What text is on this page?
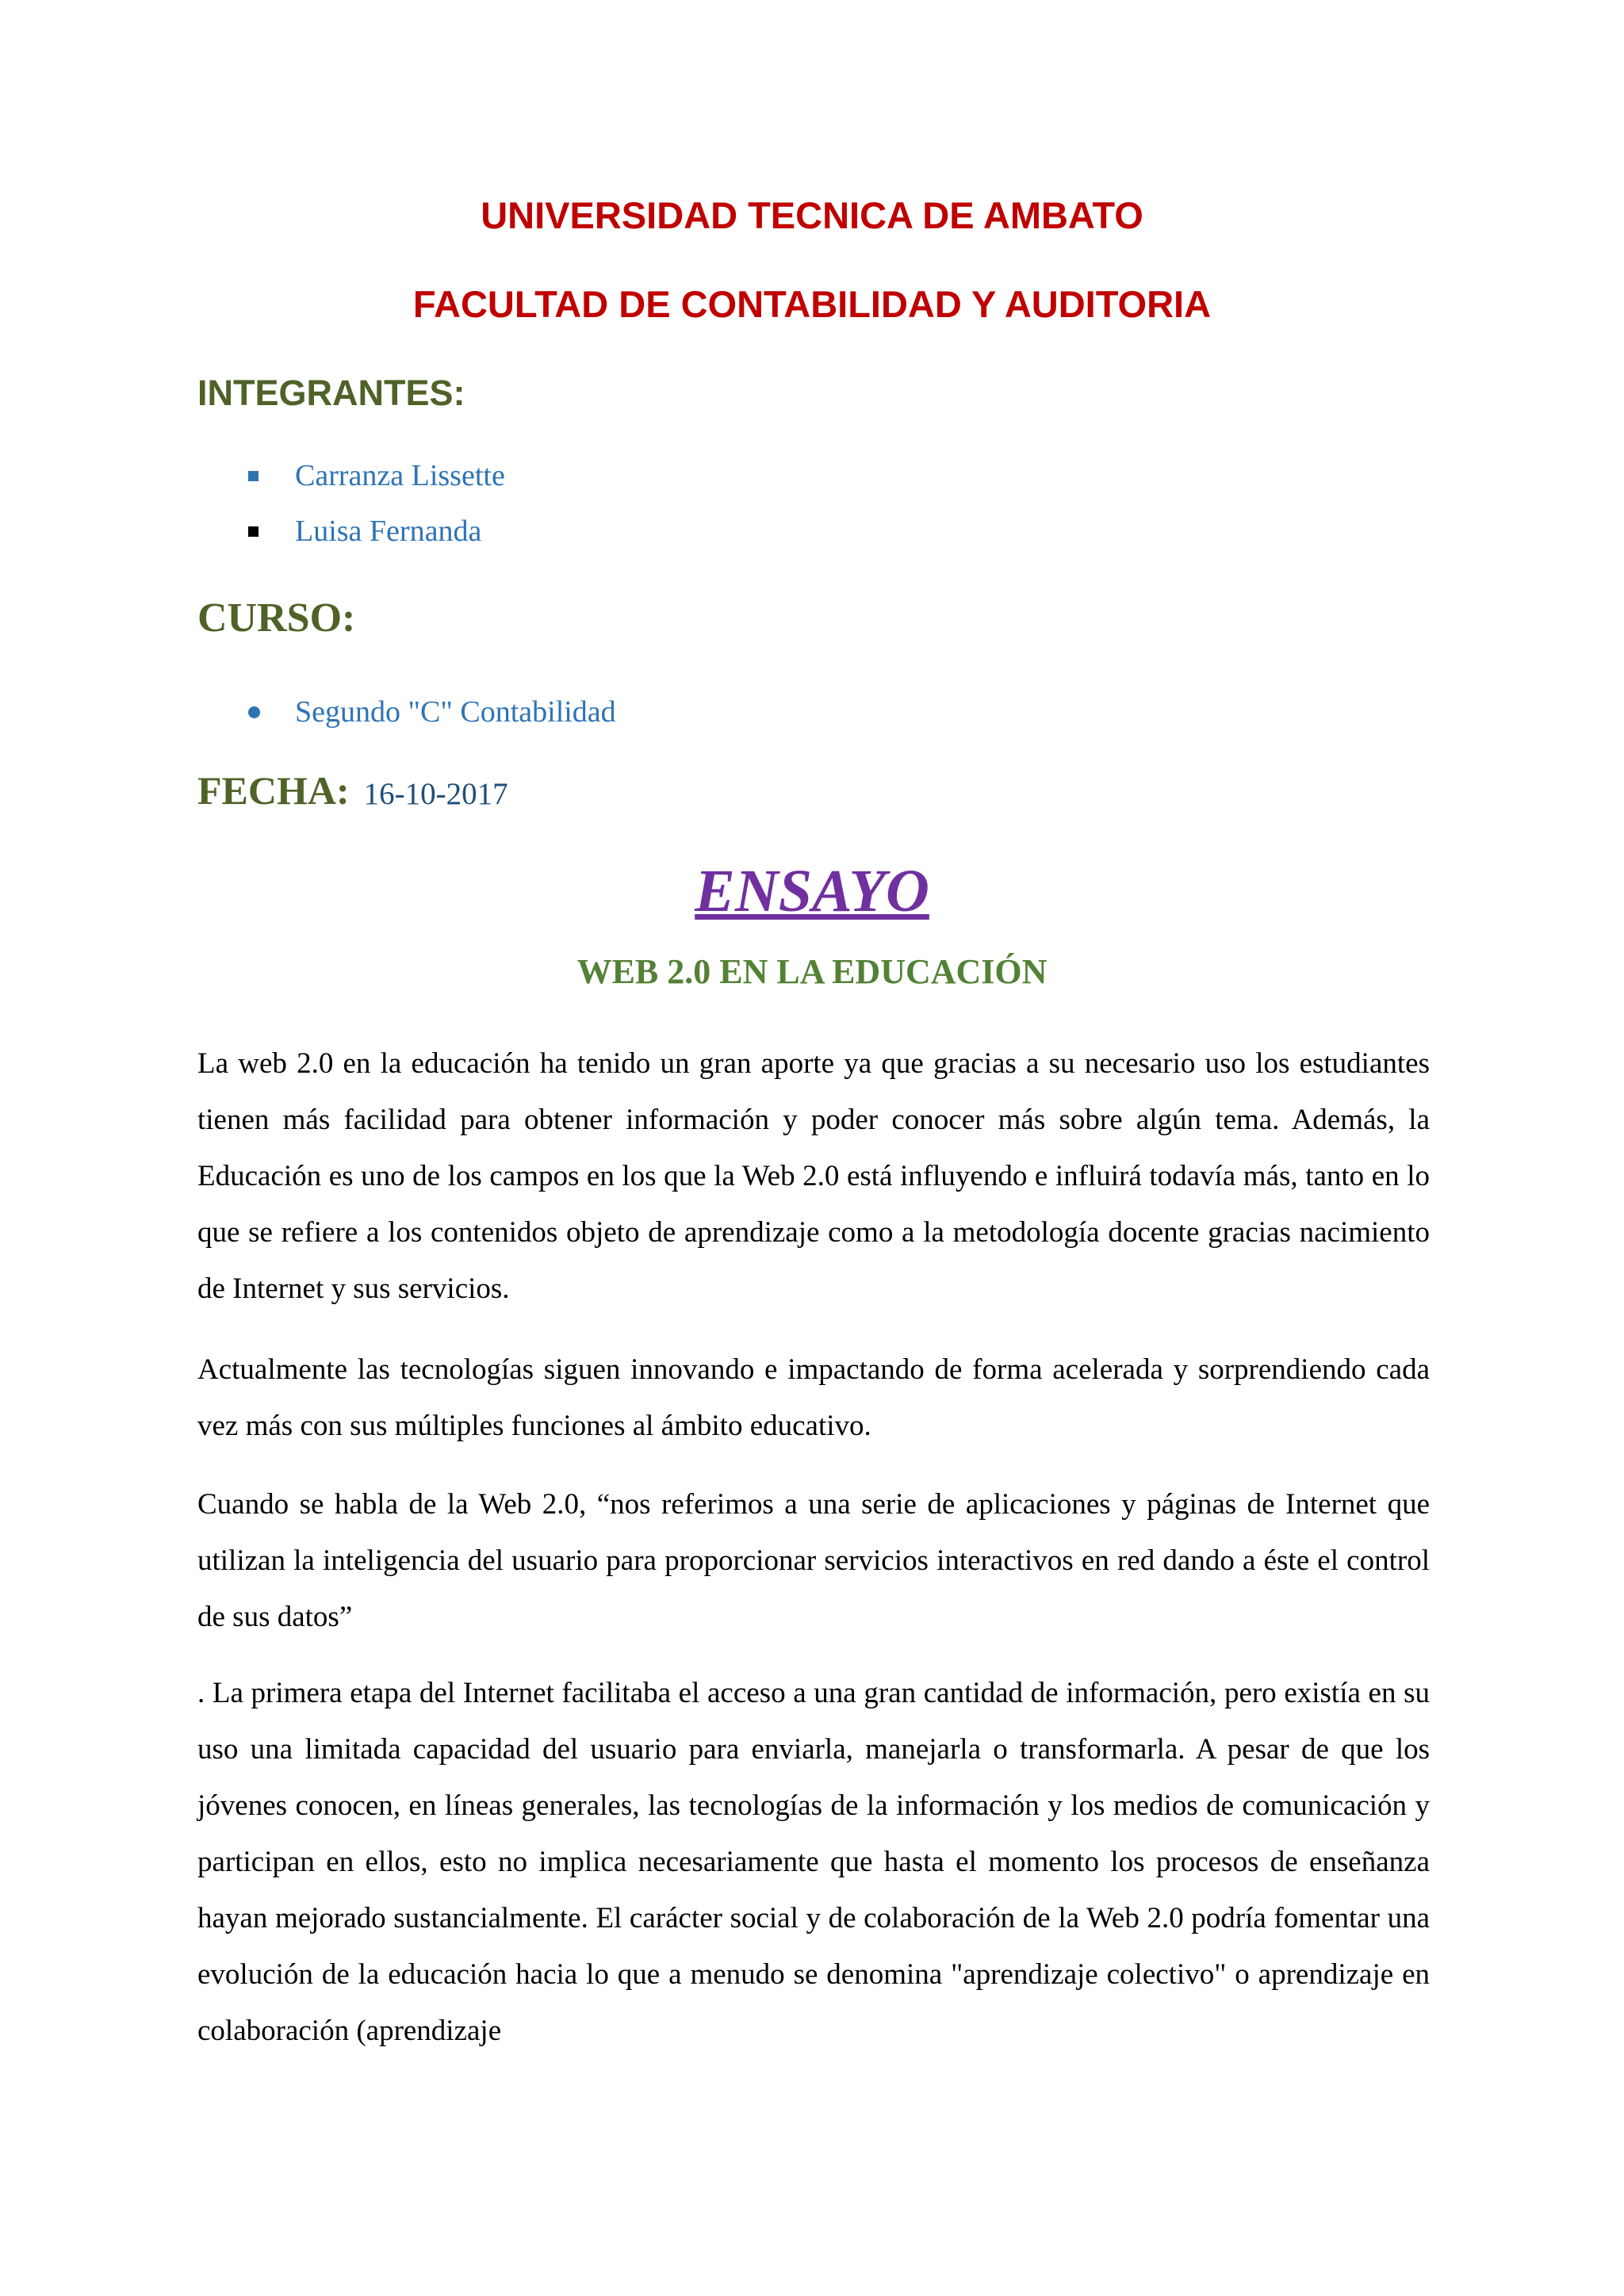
UNIVERSIDAD TECNICA DE AMBATO
FACULTAD DE CONTABILIDAD Y AUDITORIA
INTEGRANTES:
Carranza Lissette
Luisa Fernanda
CURSO:
Segundo "C" Contabilidad
FECHA: 16-10-2017
ENSAYO
WEB 2.0 EN LA EDUCACIÓN

La web 2.0 en la educación ha tenido un gran aporte ya que gracias a su necesario uso los estudiantes tienen más facilidad para obtener información y poder conocer más sobre algún tema. Además, la Educación es uno de los campos en los que la Web 2.0 está influyendo e influirá todavía más, tanto en lo que se refiere a los contenidos objeto de aprendizaje como a la metodología docente gracias nacimiento de Internet y sus servicios.

Actualmente las tecnologías siguen innovando e impactando de forma acelerada y sorprendiendo cada vez más con sus múltiples funciones al ámbito educativo.

Cuando se habla de la Web 2.0, “nos referimos a una serie de aplicaciones y páginas de Internet que utilizan la inteligencia del usuario para proporcionar servicios interactivos en red dando a éste el control de sus datos”

. La primera etapa del Internet facilitaba el acceso a una gran cantidad de información, pero existía en su uso una limitada capacidad del usuario para enviarla, manejarla o transformarla. A pesar de que los jóvenes conocen, en líneas generales, las tecnologías de la información y los medios de comunicación y participan en ellos, esto no implica necesariamente que hasta el momento los procesos de enseñanza hayan mejorado sustancialmente. El carácter social y de colaboración de la Web 2.0 podría fomentar una evolución de la educación hacia lo que a menudo se denomina "aprendizaje colectivo" o aprendizaje en colaboración (aprendizaje
